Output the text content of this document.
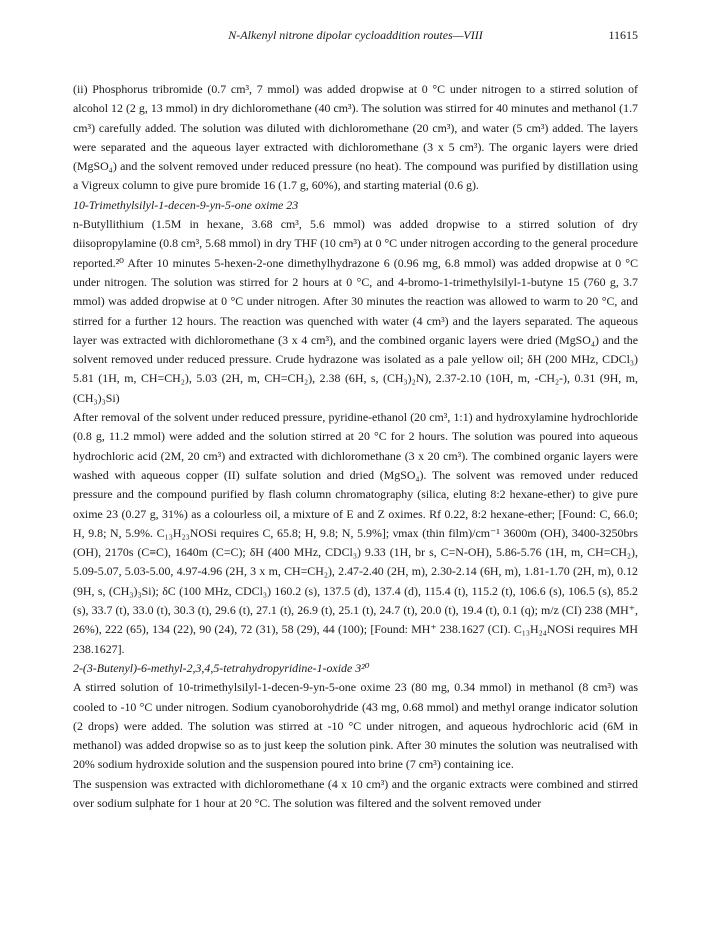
N-Alkenyl nitrone dipolar cycloaddition routes—VIII	11615

(ii) Phosphorus tribromide (0.7 cm³, 7 mmol) was added dropwise at 0 °C under nitrogen to a stirred solution of alcohol 12 (2 g, 13 mmol) in dry dichloromethane (40 cm³). The solution was stirred for 40 minutes and methanol (1.7 cm³) carefully added. The solution was diluted with dichloromethane (20 cm³), and water (5 cm³) added. The layers were separated and the aqueous layer extracted with dichloromethane (3 x 5 cm³). The organic layers were dried (MgSO₄) and the solvent removed under reduced pressure (no heat). The compound was purified by distillation using a Vigreux column to give pure bromide 16 (1.7 g, 60%), and starting material (0.6 g).

10-Trimethylsilyl-1-decen-9-yn-5-one oxime 23

n-Butyllithium (1.5M in hexane, 3.68 cm³, 5.6 mmol) was added dropwise to a stirred solution of dry diisopropylamine (0.8 cm³, 5.68 mmol) in dry THF (10 cm³) at 0 °C under nitrogen according to the general procedure reported.²⁰ After 10 minutes 5-hexen-2-one dimethylhydrazone 6 (0.96 mg, 6.8 mmol) was added dropwise at 0 °C under nitrogen. The solution was stirred for 2 hours at 0 °C, and 4-bromo-1-trimethylsilyl-1-butyne 15 (760 g, 3.7 mmol) was added dropwise at 0 °C under nitrogen. After 30 minutes the reaction was allowed to warm to 20 °C, and stirred for a further 12 hours. The reaction was quenched with water (4 cm³) and the layers separated. The aqueous layer was extracted with dichloromethane (3 x 4 cm³), and the combined organic layers were dried (MgSO₄) and the solvent removed under reduced pressure. Crude hydrazone was isolated as a pale yellow oil; δH (200 MHz, CDCl₃) 5.81 (1H, m, CH=CH₂), 5.03 (2H, m, CH=CH₂), 2.38 (6H, s, (CH₃)₂N), 2.37-2.10 (10H, m, -CH₂-), 0.31 (9H, m, (CH₃)₃Si)

After removal of the solvent under reduced pressure, pyridine-ethanol (20 cm³, 1:1) and hydroxylamine hydrochloride (0.8 g, 11.2 mmol) were added and the solution stirred at 20 °C for 2 hours. The solution was poured into aqueous hydrochloric acid (2M, 20 cm³) and extracted with dichloromethane (3 x 20 cm³). The combined organic layers were washed with aqueous copper (II) sulfate solution and dried (MgSO₄). The solvent was removed under reduced pressure and the compound purified by flash column chromatography (silica, eluting 8:2 hexane-ether) to give pure oxime 23 (0.27 g, 31%) as a colourless oil, a mixture of E and Z oximes. Rf 0.22, 8:2 hexane-ether; [Found: C, 66.0; H, 9.8; N, 5.9%. C₁₃H₂₃NOSi requires C, 65.8; H, 9.8; N, 5.9%]; νmax (thin film)/cm⁻¹ 3600m (OH), 3400-3250brs (OH), 2170s (C≡C), 1640m (C=C); δH (400 MHz, CDCl₃) 9.33 (1H, br s, C=N-OH), 5.86-5.76 (1H, m, CH=CH₂), 5.09-5.07, 5.03-5.00, 4.97-4.96 (2H, 3 x m, CH=CH₂), 2.47-2.40 (2H, m), 2.30-2.14 (6H, m), 1.81-1.70 (2H, m), 0.12 (9H, s, (CH₃)₃Si); δC (100 MHz, CDCl₃) 160.2 (s), 137.5 (d), 137.4 (d), 115.4 (t), 115.2 (t), 106.6 (s), 106.5 (s), 85.2 (s), 33.7 (t), 33.0 (t), 30.3 (t), 29.6 (t), 27.1 (t), 26.9 (t), 25.1 (t), 24.7 (t), 20.0 (t), 19.4 (t), 0.1 (q); m/z (CI) 238 (MH⁺, 26%), 222 (65), 134 (22), 90 (24), 72 (31), 58 (29), 44 (100); [Found: MH⁺ 238.1627 (CI). C₁₃H₂₄NOSi requires MH 238.1627].

2-(3-Butenyl)-6-methyl-2,3,4,5-tetrahydropyridine-1-oxide 3²⁰

A stirred solution of 10-trimethylsilyl-1-decen-9-yn-5-one oxime 23 (80 mg, 0.34 mmol) in methanol (8 cm³) was cooled to -10 °C under nitrogen. Sodium cyanoborohydride (43 mg, 0.68 mmol) and methyl orange indicator solution (2 drops) were added. The solution was stirred at -10 °C under nitrogen, and aqueous hydrochloric acid (6M in methanol) was added dropwise so as to just keep the solution pink. After 30 minutes the solution was neutralised with 20% sodium hydroxide solution and the suspension poured into brine (7 cm³) containing ice.

The suspension was extracted with dichloromethane (4 x 10 cm³) and the organic extracts were combined and stirred over sodium sulphate for 1 hour at 20 °C. The solution was filtered and the solvent removed under
